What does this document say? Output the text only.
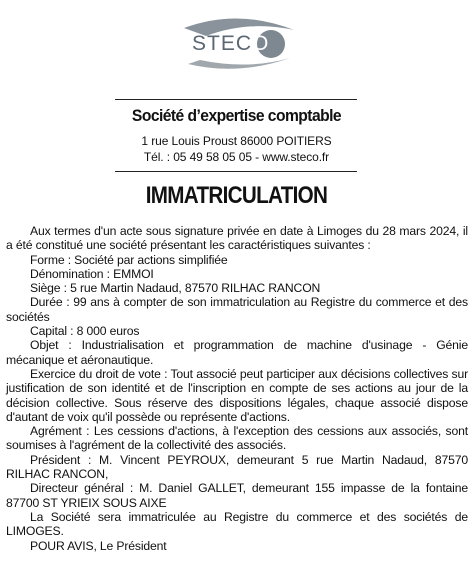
STECO
Société d’expertise comptable
1 rue Louis Proust 86000 POITIERS
Tél. : 05 49 58 05 05 - www.steco.fr
IMMATRICULATION

Aux termes d'un acte sous signature privée en date à Limoges du 28 mars 2024, il a été constitué une société présentant les caractéristiques suivantes :

Forme : Société par actions simplifiée

Dénomination : EMMOI

Siège : 5 rue Martin Nadaud, 87570 RILHAC RANCON

Durée : 99 ans à compter de son immatriculation au Registre du commerce et des sociétés

Capital : 8 000 euros

Objet : Industrialisation et programmation de machine d'usinage - Génie mécanique et aéronautique.

Exercice du droit de vote : Tout associé peut participer aux décisions collectives sur justification de son identité et de l'inscription en compte de ses actions au jour de la décision collective. Sous réserve des dispositions légales, chaque associé dispose d'autant de voix qu'il possède ou représente d'actions.

Agrément : Les cessions d'actions, à l'exception des cessions aux associés, sont soumises à l'agrément de la collectivité des associés.

Président : M. Vincent PEYROUX, demeurant 5 rue Martin Nadaud, 87570 RILHAC RANCON,

Directeur général : M. Daniel GALLET, demeurant 155 impasse de la fontaine 87700 ST YRIEIX SOUS AIXE

La Société sera immatriculée au Registre du commerce et des sociétés de LIMOGES.

POUR AVIS, Le Président
